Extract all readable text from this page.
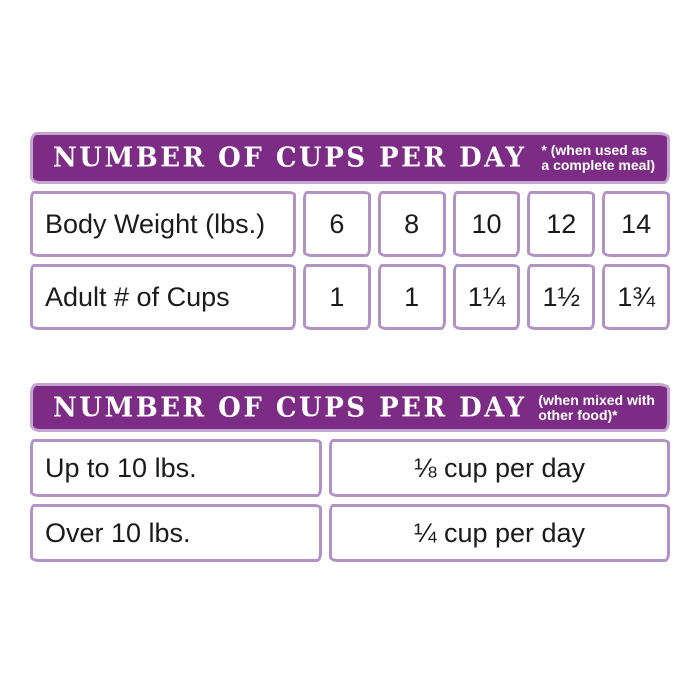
NUMBER OF CUPS PER DAY	* (when used as
a complete meal)
Body Weight (lbs.)	6	8	10	12	14
Adult # of Cups	1	1	1¼	1½	1¾
NUMBER OF CUPS PER DAY (when mixed with
other food)*
Up to 10 lbs.	⅛ cup per day
Over 10 lbs.	¼ cup per day
